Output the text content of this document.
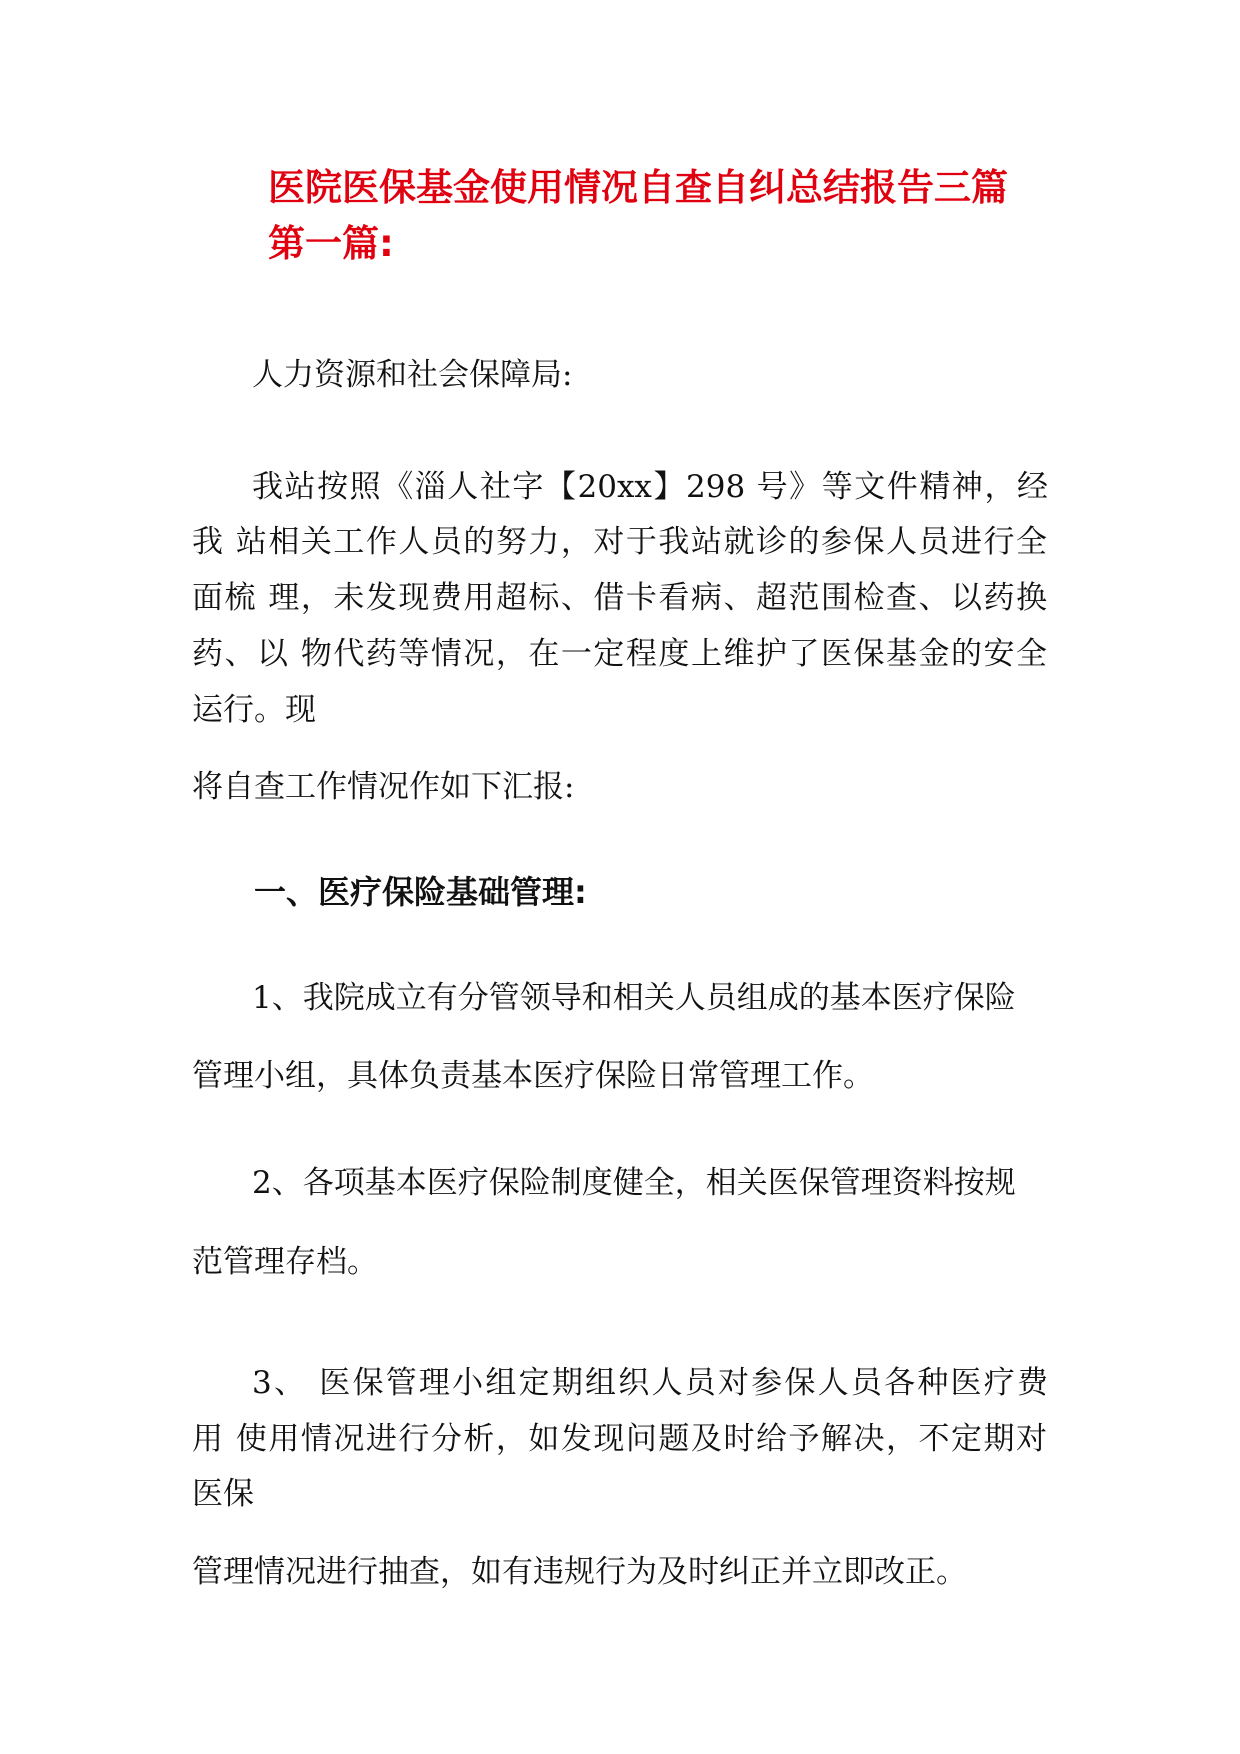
医院医保基金使用情况自查自纠总结报告三篇
第一篇:
人力资源和社会保障局:
我站按照《淄人社字【20xx】298 号》等文件精神，经
我 站相关工作人员的努力，对于我站就诊的参保人员进行全
面梳 理，未发现费用超标、借卡看病、超范围检查、以药换
药、以 物代药等情况，在一定程度上维护了医保基金的安全
运行。现
将自查工作情况作如下汇报:
一、医疗保险基础管理:
1、我院成立有分管领导和相关人员组成的基本医疗保险
管理小组，具体负责基本医疗保险日常管理工作。
2、各项基本医疗保险制度健全，相关医保管理资料按规
范管理存档。
3、 医保管理小组定期组织人员对参保人员各种医疗费
用 使用情况进行分析，如发现问题及时给予解决，不定期对
医保
管理情况进行抽查，如有违规行为及时纠正并立即改正。
